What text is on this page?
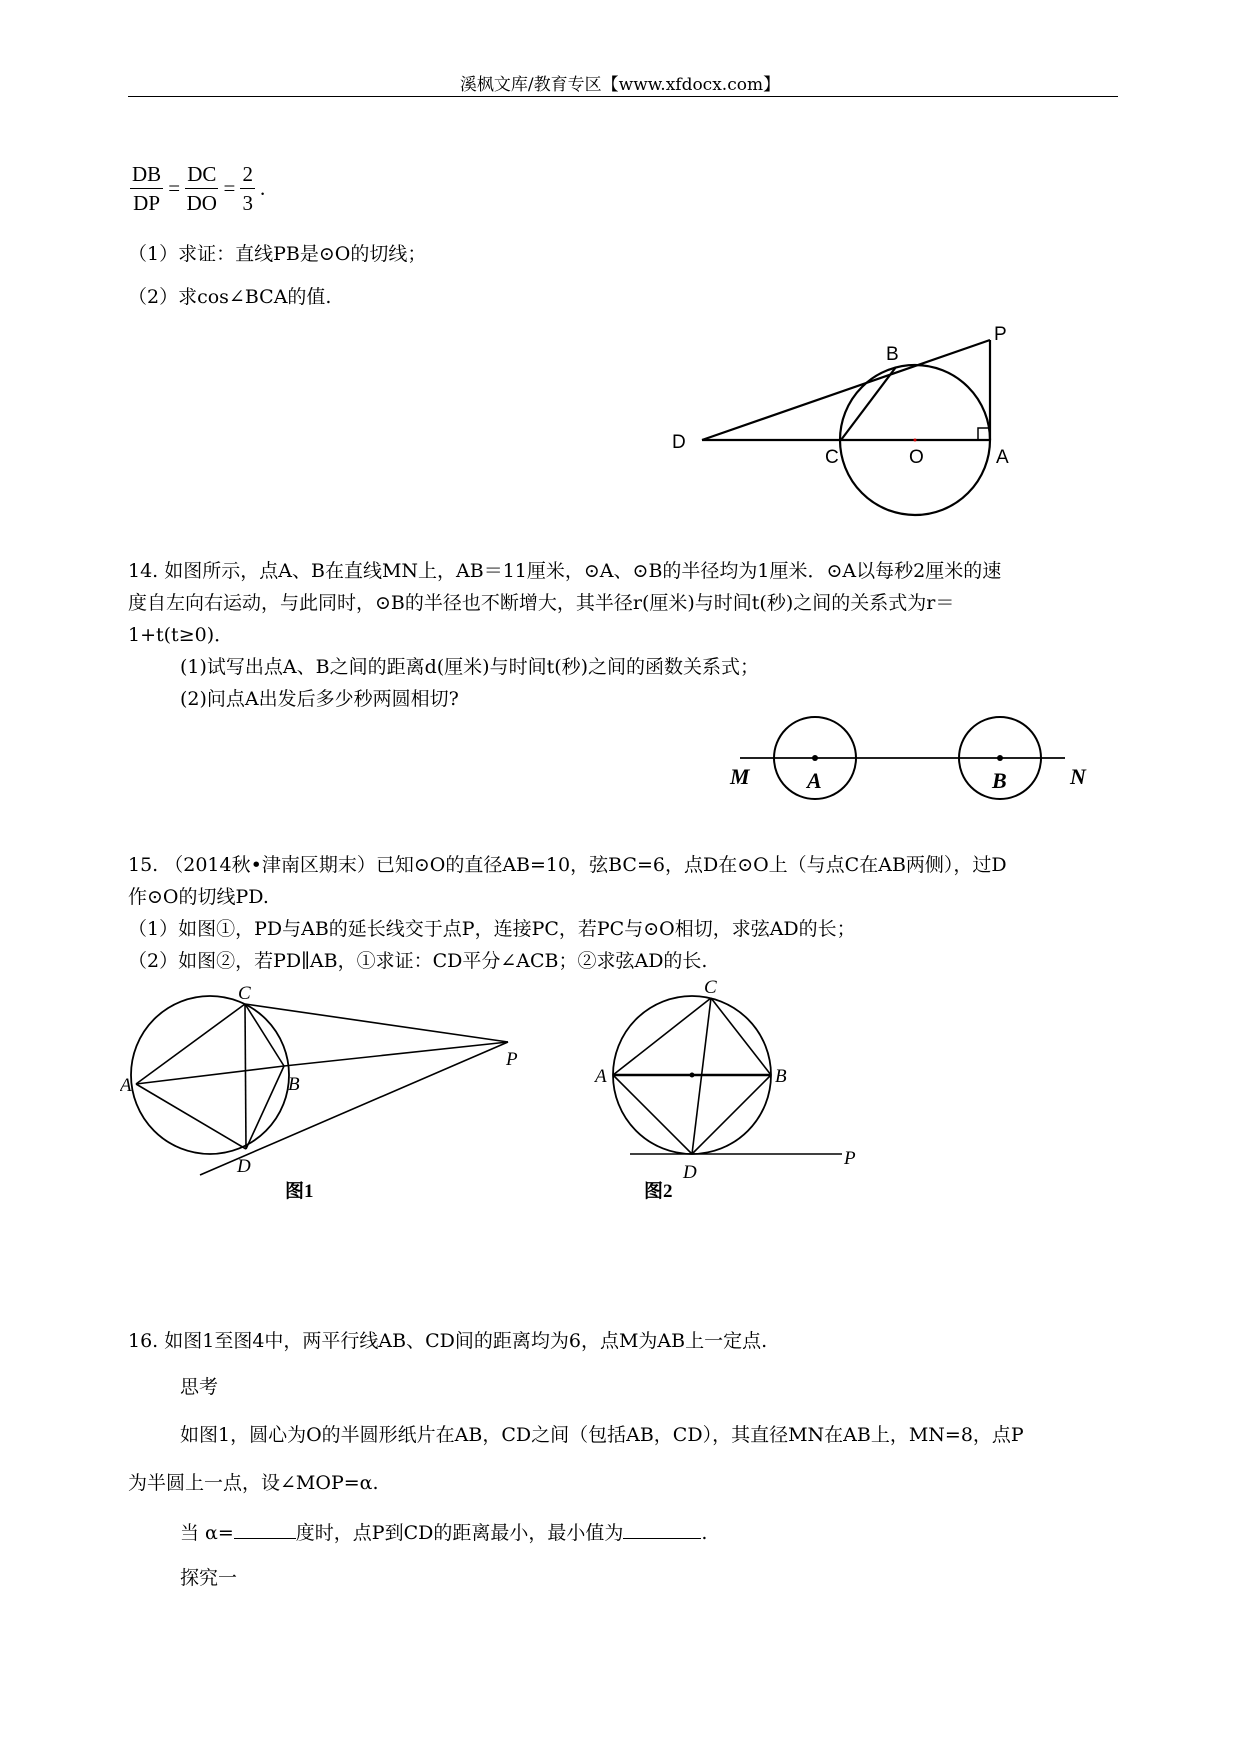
溪枫文库/教育专区【www.xfdocx.com】
$\frac{DB}{DP} = \frac{DC}{DO} = \frac{2}{3}$ .
（1）求证：直线PB是⊙O的切线；
（2）求cos∠BCA的值.
P
B
D
C	O	A
14. 如图所示，点A、B在直线MN上，AB＝11厘米，⊙A、⊙B的半径均为1厘米．⊙A以每秒2厘米的速
度自左向右运动，与此同时，⊙B的半径也不断增大，其半径r(厘米)与时间t(秒)之间的关系式为r＝
1+t(t≥0)．
(1)试写出点A、B之间的距离d(厘米)与时间t(秒)之间的函数关系式；
(2)问点A出发后多少秒两圆相切?
M	A	B	N
15. （2014秋•津南区期末）已知⊙O的直径AB=10，弦BC=6，点D在⊙O上（与点C在AB两侧），过D
作⊙O的切线PD.
（1）如图①，PD与AB的延长线交于点P，连接PC，若PC与⊙O相切，求弦AD的长；
（2）如图②，若PD∥AB，①求证：CD平分∠ACB；②求弦AD的长.
C
A	B
P
D
图1
C
A	B
D
P
图2
16. 如图1至图4中，两平行线AB、CD间的距离均为6，点M为AB上一定点.
思考
如图1，圆心为O的半圆形纸片在AB，CD之间（包括AB，CD），其直径MN在AB上，MN=8，点P
为半圆上一点，设∠MOP=α.
当 α=	度时，点P到CD的距离最小，最小值为	.
探究一
